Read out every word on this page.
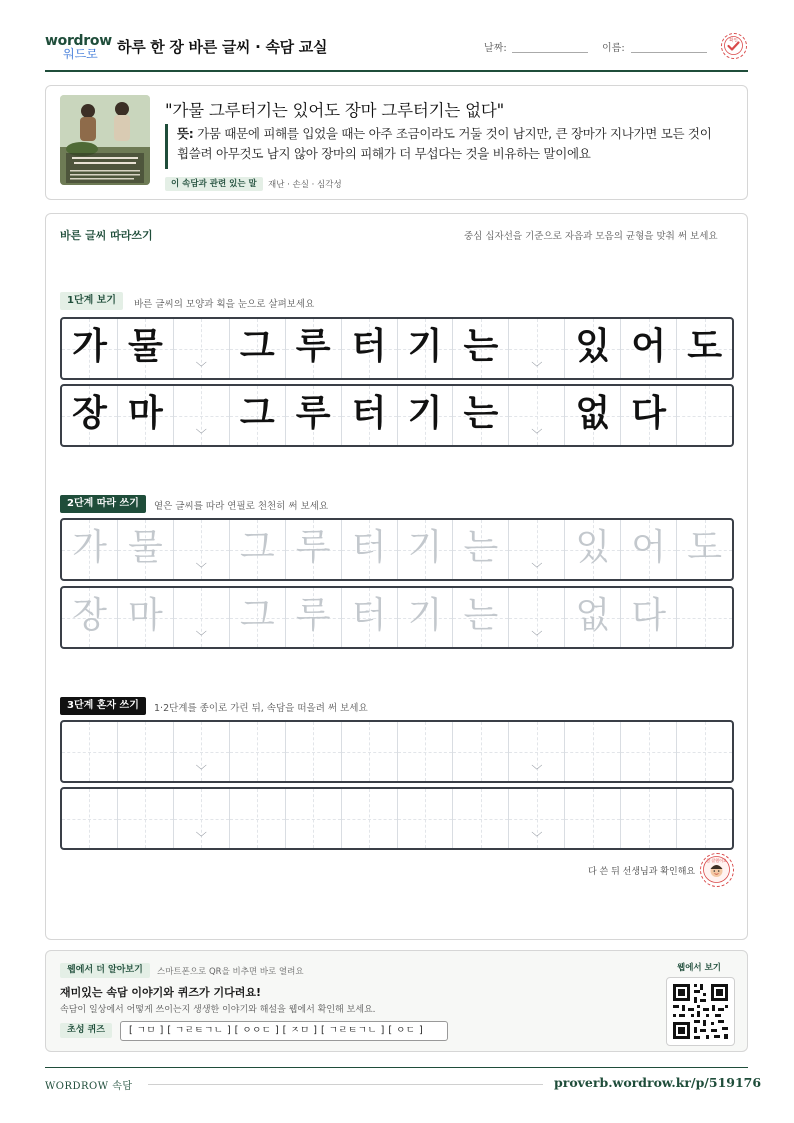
wordrow
워드로	하루 한 장 바른 글씨 · 속담 교실	날짜:	이름:
확인
"가물 그루터기는 있어도 장마 그루터기는 없다"
뜻: 가뭄 때문에 피해를 입었을 때는 아주 조금이라도 거둘 것이 남지만, 큰 장마가 지나가면 모든 것이 휩쓸려 아무것도 남지 않아 장마의 피해가 더 무섭다는 것을 비유하는 말이에요
이 속담과 관련 있는 말	재난 · 손실 · 심각성
바른 글씨 따라쓰기	중심 십자선을 기준으로 자음과 모음의 균형을 맞춰 써 보세요
1단계 보기	바른 글씨의 모양과 획을 눈으로 살펴보세요
가 물
﹀
그 루 터 기 는
﹀
있 어 도
장 마
﹀
그 루 터 기 는
﹀
없 다
2단계 따라 쓰기	옅은 글씨를 따라 연필로 천천히 써 보세요
가 물
﹀
그 루 터 기 는
﹀
있 어 도
장 마
﹀
그 루 터 기 는
﹀
없 다
3단계 혼자 쓰기	1·2단계를 종이로 가린 뒤, 속담을 떠올려 써 보세요
﹀	﹀
﹀	﹀
다 쓴 뒤 선생님과 확인해요
참 잘했어요
웹에서 더 알아보기	스마트폰으로 QR을 비추면 바로 열려요
재미있는 속담 이야기와 퀴즈가 기다려요!
속담이 일상에서 어떻게 쓰이는지 생생한 이야기와 해설을 웹에서 확인해 보세요.
초성 퀴즈	[ ㄱㅁ ] [ ㄱㄹㅌㄱㄴ ] [ ㅇㅇㄷ ] [ ㅈㅁ ] [ ㄱㄹㅌㄱㄴ ] [ ㅇㄷ ]
웹에서 보기
WORDROW 속담	proverb.wordrow.kr/p/519176
